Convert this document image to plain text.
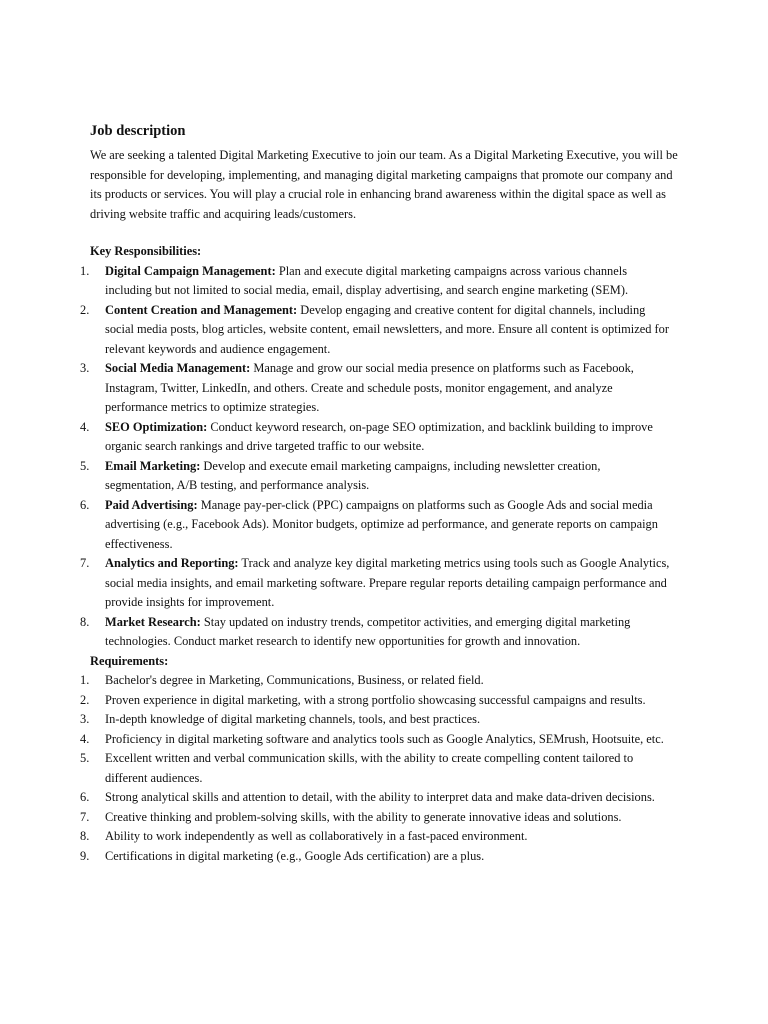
Job description

We are seeking a talented Digital Marketing Executive to join our team. As a Digital Marketing Executive, you will be responsible for developing, implementing, and managing digital marketing campaigns that promote our company and its products or services. You will play a crucial role in enhancing brand awareness within the digital space as well as driving website traffic and acquiring leads/customers.

Key Responsibilities:
1. Digital Campaign Management: Plan and execute digital marketing campaigns across various channels including but not limited to social media, email, display advertising, and search engine marketing (SEM).
2. Content Creation and Management: Develop engaging and creative content for digital channels, including social media posts, blog articles, website content, email newsletters, and more. Ensure all content is optimized for relevant keywords and audience engagement.
3. Social Media Management: Manage and grow our social media presence on platforms such as Facebook, Instagram, Twitter, LinkedIn, and others. Create and schedule posts, monitor engagement, and analyze performance metrics to optimize strategies.
4. SEO Optimization: Conduct keyword research, on-page SEO optimization, and backlink building to improve organic search rankings and drive targeted traffic to our website.
5. Email Marketing: Develop and execute email marketing campaigns, including newsletter creation, segmentation, A/B testing, and performance analysis.
6. Paid Advertising: Manage pay-per-click (PPC) campaigns on platforms such as Google Ads and social media advertising (e.g., Facebook Ads). Monitor budgets, optimize ad performance, and generate reports on campaign effectiveness.
7. Analytics and Reporting: Track and analyze key digital marketing metrics using tools such as Google Analytics, social media insights, and email marketing software. Prepare regular reports detailing campaign performance and provide insights for improvement.
8. Market Research: Stay updated on industry trends, competitor activities, and emerging digital marketing technologies. Conduct market research to identify new opportunities for growth and innovation.
Requirements:
1. Bachelor's degree in Marketing, Communications, Business, or related field.
2. Proven experience in digital marketing, with a strong portfolio showcasing successful campaigns and results.
3. In-depth knowledge of digital marketing channels, tools, and best practices.
4. Proficiency in digital marketing software and analytics tools such as Google Analytics, SEMrush, Hootsuite, etc.
5. Excellent written and verbal communication skills, with the ability to create compelling content tailored to different audiences.
6. Strong analytical skills and attention to detail, with the ability to interpret data and make data-driven decisions.
7. Creative thinking and problem-solving skills, with the ability to generate innovative ideas and solutions.
8. Ability to work independently as well as collaboratively in a fast-paced environment.
9. Certifications in digital marketing (e.g., Google Ads certification) are a plus.
